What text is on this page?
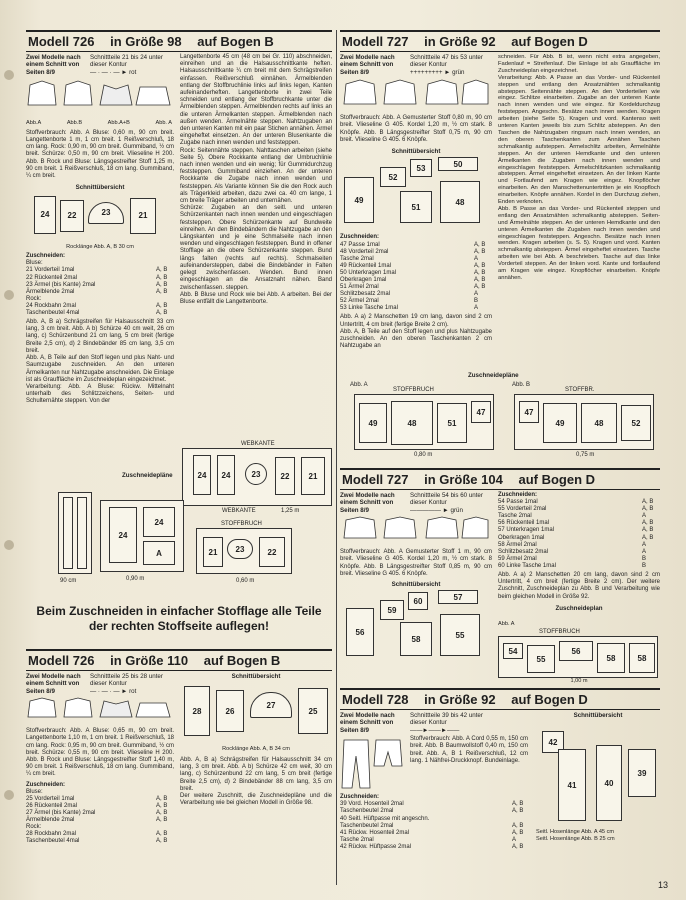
Modell 726 in Größe 98 auf Bogen B
Zwei Modelle nach einem Schnitt von Seiten 8/9
Schnittteile 21 bis 24 unter dieser Kontur
— · — · — ► rot
Abb.A	Abb.B	Abb.A+B	Abb. A
Stoffverbrauch: Abb. A Bluse: 0,60 m, 90 cm breit. Langettenborte 1 m, 1 cm breit. 1 Reißverschluß, 18 cm lang. Rock: 0,90 m, 90 cm breit. Gummiband, ½ cm breit. Schürze: 0,50 m, 90 cm breit. Vlieseline H 200. Abb. B Rock und Bluse: Längsgestreifter Stoff 1,25 m, 90 cm breit. 1 Reißverschluß, 18 cm lang. Gummiband, ¼ cm breit.
Schnittübersicht
24	22	23	21
Rocklänge Abb. A, B 30 cm
Zuschneiden:
Bluse:
21 Vorderteil 1mal	A, B
22 Rückenteil 2mal	A, B
23 Ärmel (bis Kante) 2mal	A, B
Ärmelblende 2mal	A, B
Rock:
24 Rockbahn 2mal	A, B
Taschenbeutel 4mal	A, B
Abb. A, B a) Schrägstreifen für Halsausschnitt 33 cm lang, 3 cm breit. Abb. A b) Schürze 40 cm weit, 26 cm lang, c) Schürzenbund 21 cm lang, 5 cm breit (fertige Breite 2,5 cm), d) 2 Bindebänder 85 cm lang, 3,5 cm breit.
Abb. A, B Teile auf den Stoff legen und plus Naht- und Saumzugabe zuschneiden. An den unteren Ärmelkanten nur Nahtzugabe anschneiden. Die Einlage ist als Grauffläche im Zuschneideplan eingezeichnet.
Verarbeitung: Abb. A Bluse: Rückw. Mittelnaht unterhalb des Schlitzzeichens, Seiten- und Schulternähte steppen. Von der
Langettenborte 45 cm (48 cm bei Gr. 110) abschneiden, einreihen und an die Halsausschnittkante heften. Halsausschnittkante ¼ cm breit mit dem Schrägstreifen einfassen. Reißverschluß einnähen. Ärmelblenden entlang der Stoffbruchlinie links auf links legen, Kanten aufeinanderheften. Langettenborte in zwei Teile schneiden und entlang der Stoffbruchkante unter die Ärmelblenden steppen. Ärmelblenden rechts auf links an die unteren Ärmelkanten steppen. Ärmelblenden nach außen wenden. Ärmelnähte steppen. Nahtzugaben an den unteren Kanten mit ein paar Stichen annähen. Ärmel eingeheftet einsetzen. An der unteren Blusenkante die Zugabe nach innen wenden und feststeppen.
Rock: Seitennähte steppen. Nahttaschen arbeiten (siehe Seite 5). Obere Rockkante entlang der Umbruchlinie nach innen wenden und ein wenig; für Gummidurchzug feststeppen. Gummiband einziehen. An der unteren Rockkante die Zugabe nach innen wenden und feststeppen. Als Variante können Sie die den Rock auch als Trägerkleid arbeiten, dazu zwei ca. 40 cm lange, 1 cm breite Träger arbeiten und unternähen.
Schürze: Zugaben an den seitl. und unteren Schürzenkanten nach innen wenden und eingeschlagen feststeppen. Obere Schürzenkante auf Bundweite einreihen. An den Bindebändern die Nahtzugabe an den Längskanten und je eine Schmalseite nach innen wenden und eingeschlagen feststeppen. Bund in offener Stofflage an die obere Schürzenkante steppen. Bund längs falten (rechts auf rechts). Schmalseiten aufeinandersteppen, dabei die Bindebänder in Falten gelegt zwischenfassen. Wenden. Bund innen eingeschlagen an die Ansatznaht nähen. Band zwischenfassen. steppen.
Abb. B Bluse und Rock wie bei Abb. A arbeiten. Bei der Bluse entfällt die Langettenborte.
Zuschneidepläne
WEBKANTE
24	24	23	22	21
WEBKANTE	1,25 m
90 cm
24
24
A
0,90 m
STOFFBRUCH
21	23	22
0,60 m
Beim Zuschneiden in einfacher Stofflage alle Teile der rechten Stoffseite auflegen!
Modell 726 in Größe 110 auf Bogen B
Zwei Modelle nach einem Schnitt von Seiten 8/9
Schnittteile 25 bis 28 unter dieser Kontur
— · — · — ► rot
Stoffverbrauch: Abb. A Bluse: 0,65 m, 90 cm breit. Langettenborte 1,10 m, 1 cm breit. 1 Reißverschluß, 18 cm lang. Rock: 0,95 m, 90 cm breit. Gummiband, ½ cm breit. Schürze: 0,55 m, 90 cm breit. Vlieseline H 200. Abb. B Rock und Bluse: Längsgestreifter Stoff 1,40 m, 90 cm breit. 1 Reißverschluß, 18 cm lang. Gummiband, ¼ cm breit.
Zuschneiden:
Bluse:
25 Vorderteil 1mal	A, B
26 Rückenteil 2mal	A, B
27 Ärmel (bis Kante) 2mal	A, B
Ärmelblende 2mal	A, B
Rock:
28 Rockbahn 2mal	A, B
Taschenbeutel 4mal	A, B
Schnittübersicht
28	26
27
25
Rocklänge Abb. A, B 34 cm
Abb. A, B a) Schrägstreifen für Halsausschnitt 34 cm lang, 3 cm breit. Abb. A b) Schürze 42 cm weit, 30 cm lang, c) Schürzenbund 22 cm lang, 5 cm breit (fertige Breite 2,5 cm), d) 2 Bindebänder 88 cm lang, 3,5 cm breit.
Der weitere Zuschnitt, die Zuschneidepläne und die Verarbeitung wie bei gleichen Modell in Größe 98.
Modell 727 in Größe 92 auf Bogen D
Zwei Modelle nach einem Schnitt von Seiten 8/9
Schnittteile 47 bis 53 unter dieser Kontur
+++++++++ ► grün
Stoffverbrauch: Abb. A Gemusterter Stoff 0,80 m, 90 cm breit. Vlieseline G 405. Kordel 1,20 m, ½ cm stark. 8 Knöpfe. Abb. B Längsgestreifter Stoff 0,75 m, 90 cm breit. Vlieseline G 405. 6 Knöpfe.
Schnittübersicht
49
52
51
53	50
48
Zuschneiden:
47 Passe 1mal	A, B
48 Vorderteil 2mal	A, B
Tasche 2mal	A
49 Rückenteil 1mal	A, B
50 Unterkragen 1mal	A, B
Oberkragen 1mal	A, B
51 Ärmel 2mal	A, B
Schlitzbesatz 2mal	A
52 Ärmel 2mal	B
53 Linke Tasche 1mal	A
Abb. A a) 2 Manschetten 19 cm lang, davon sind 2 cm Untertritt, 4 cm breit (fertige Breite 2 cm).
Abb. A, B Teile auf den Stoff legen und plus Nahtzugabe zuschneiden. An den oberen Taschenkanten 2 cm Nahtzugabe an
schneiden. Für Abb. B ist, wenn nicht extra angegeben, Fadenlauf = Streifenlauf. Die Einlage ist als Grauffläche im Zuschneideplan eingezeichnet.
Verarbeitung: Abb. A Passe an das Vorder- und Rückenteil steppen und entlang den Ansatznähten schmalkantig absteppen. Seitennähte steppen. An den Vorderteilen wie eingez. Schlitze einarbeiten. Zugabe an der unteren Kante nach innen wenden und wie eingez. für Kordeldurchzug feststeppen. Angeschn. Besätze nach innen wenden. Kragen arbeiten (siehe Seite 5). Kragen und vord. Kantenso weit unteren Kanten jeweils bis zum Schlitz absteppen. An den Taschen die Nahtzugaben ringsum nach innen wenden, an den oberen Taschenkanten zum Annähen Taschen schmalkantig aufsteppen. Ärmelschlitz arbeiten, Ärmelnähte steppen. An der unteren Hemdkante und den unteren Ärmelkanten die Zugaben nach innen wenden und eingeschlagen feststeppen. Ärmelschlitzkanten schmalkantig absteppen. Ärmel eingeheftet einsetzen. An der linken Kante und Fortlaufend am Kragen wie eingez. Knopflöcher einarbeiten. An den Manschettenuntertritten je ein Knopfloch einarbeiten. Knöpfe annähen. Kordel in den Durchzug ziehen, Enden verknoten.
Abb. B Passe an das Vorder- und Rückenteil steppen und entlang den Ansatznähten schmalkantig absteppen. Seiten- und Ärmelnähte steppen. An der unteren Hemdkante und den unteren Ärmelkanten die Zugaben nach innen wenden und eingeschlagen feststeppen. Angeschn. Besätze nach innen wenden. Kragen arbeiten (s. S. 5). Kragen und vord. Kanten schmalkantig absteppen. Ärmel eingeheftet einsetzen. Tasche arbeiten wie bei Abb. A beschrieben. Tasche auf das linke Vorderteil steppen. An der linken vord. Kante und fortlaufend am Kragen wie eingez. Knopflöcher einarbeiten. Knöpfe annähen.
Zuschneidepläne
Abb. A
STOFFBRUCH
49	48	51
47
0,80 m
Abb. B
STOFFBR.
47
49	48	52
0,75 m
Modell 727 in Größe 104 auf Bogen D
Zwei Modelle nach einem Schnitt von Seiten 8/9
Schnittteile 54 bis 60 unter dieser Kontur
————— ► grün
Stoffverbrauch: Abb. A Gemusterter Stoff 1 m, 90 cm breit. Vlieseline G 405. Kordel 1,20 m, ½ cm stark. 8 Knöpfe. Abb. B Längsgestreifter Stoff 0,85 m, 90 cm breit. Vlieseline G 405. 6 Knöpfe.
Schnittübersicht
56
59
58
60	57
55
Zuschneiden:
54 Passe 1mal	A, B
55 Vorderteil 2mal	A, B
Tasche 2mal	A
56 Rückenteil 1mal	A, B
57 Unterkragen 1mal	A, B
Oberkragen 1mal	A, B
58 Ärmel 2mal	A
Schlitzbesatz 2mal	A
59 Ärmel 2mal	B
60 Linke Tasche 1mal	B
Abb. A a) 2 Manschetten 20 cm lang, davon sind 2 cm Untertritt, 4 cm breit (fertige Breite 2 cm). Der weitere Zuschnitt, Zuschneideplan zu Abb. B und Verarbeitung wie beim gleichen Modell in Größe 92.
Zuschneideplan
Abb. A
STOFFBRUCH
54
55
56
58	58
1,00 m
Modell 728 in Größe 92 auf Bogen D
Zwei Modelle nach einem Schnitt von Seiten 8/9
Schnittteile 39 bis 42 unter dieser Kontur
——►——►——
Stoffverbrauch: Abb. A Cord 0,55 m, 150 cm breit. Abb. B Baumwollstoff 0,40 m, 150 cm breit. Abb. A, B 1 Reißverschluß, 12 cm lang. 1 Nähfrei-Druckknopf. Bundeinlage.
Zuschneiden:
39 Vord. Hosenteil 2mal	A, B
Taschenbeutel 2mal	A, B
40 Seitl. Hüftpasse mit angeschn.
Taschenbeutel 2mal	A, B
41 Rückw. Hosenteil 2mal	A, B
Tasche 2mal	A
42 Rückw. Hüftpasse 2mal	A, B
Schnittübersicht
42
41	40
39
Seitl. Hosenlänge Abb. A 45 cm
Seitl. Hosenlänge Abb. B 25 cm
13
